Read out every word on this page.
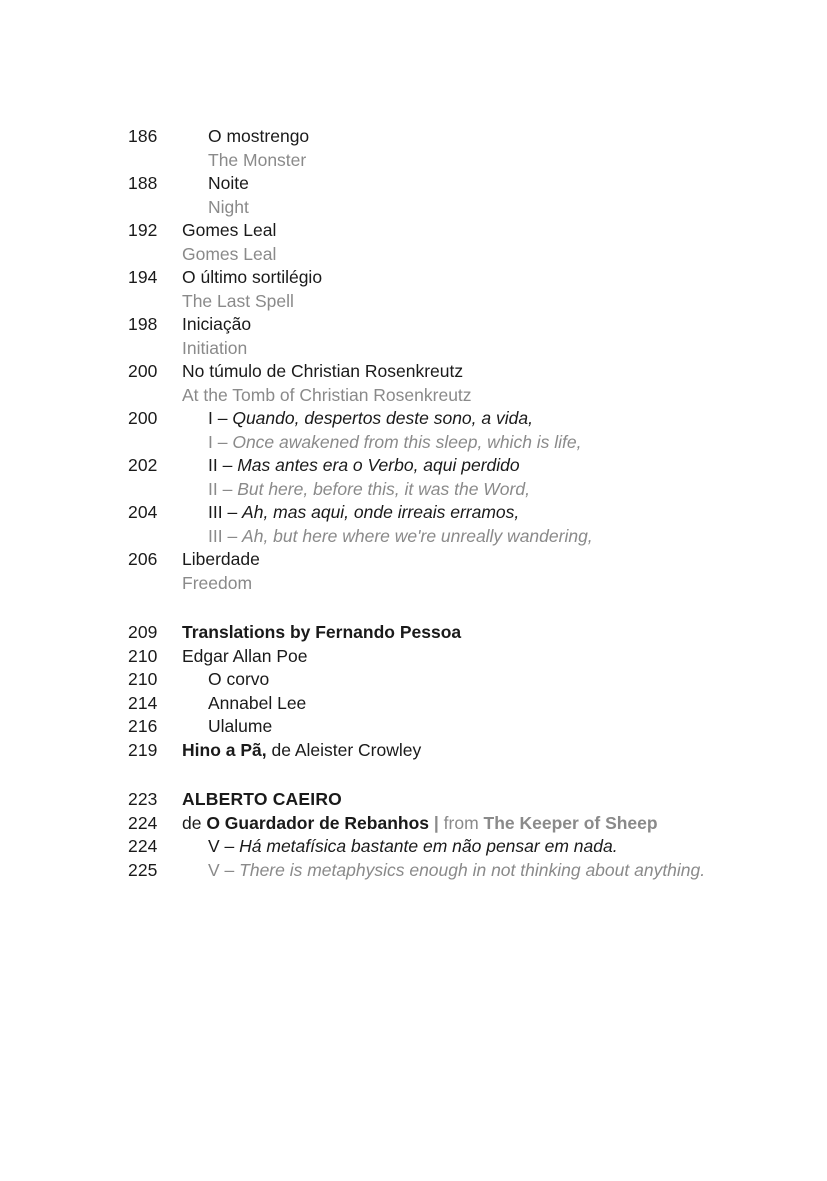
186	O mostrengo
The Monster
188	Noite
Night
192	Gomes Leal
Gomes Leal
194	O último sortilégio
The Last Spell
198	Iniciação
Initiation
200	No túmulo de Christian Rosenkreutz
At the Tomb of Christian Rosenkreutz
200	I – Quando, despertos deste sono, a vida,
I – Once awakened from this sleep, which is life,
202	II – Mas antes era o Verbo, aqui perdido
II – But here, before this, it was the Word,
204	III – Ah, mas aqui, onde irreais erramos,
III – Ah, but here where we're unreally wandering,
206	Liberdade
Freedom
209	Translations by Fernando Pessoa
210	Edgar Allan Poe
210	O corvo
214	Annabel Lee
216	Ulalume
219	Hino a Pã, de Aleister Crowley
223	ALBERTO CAEIRO
224	de O Guardador de Rebanhos | from The Keeper of Sheep
224	V – Há metafísica bastante em não pensar em nada.
225	V – There is metaphysics enough in not thinking about anything.
